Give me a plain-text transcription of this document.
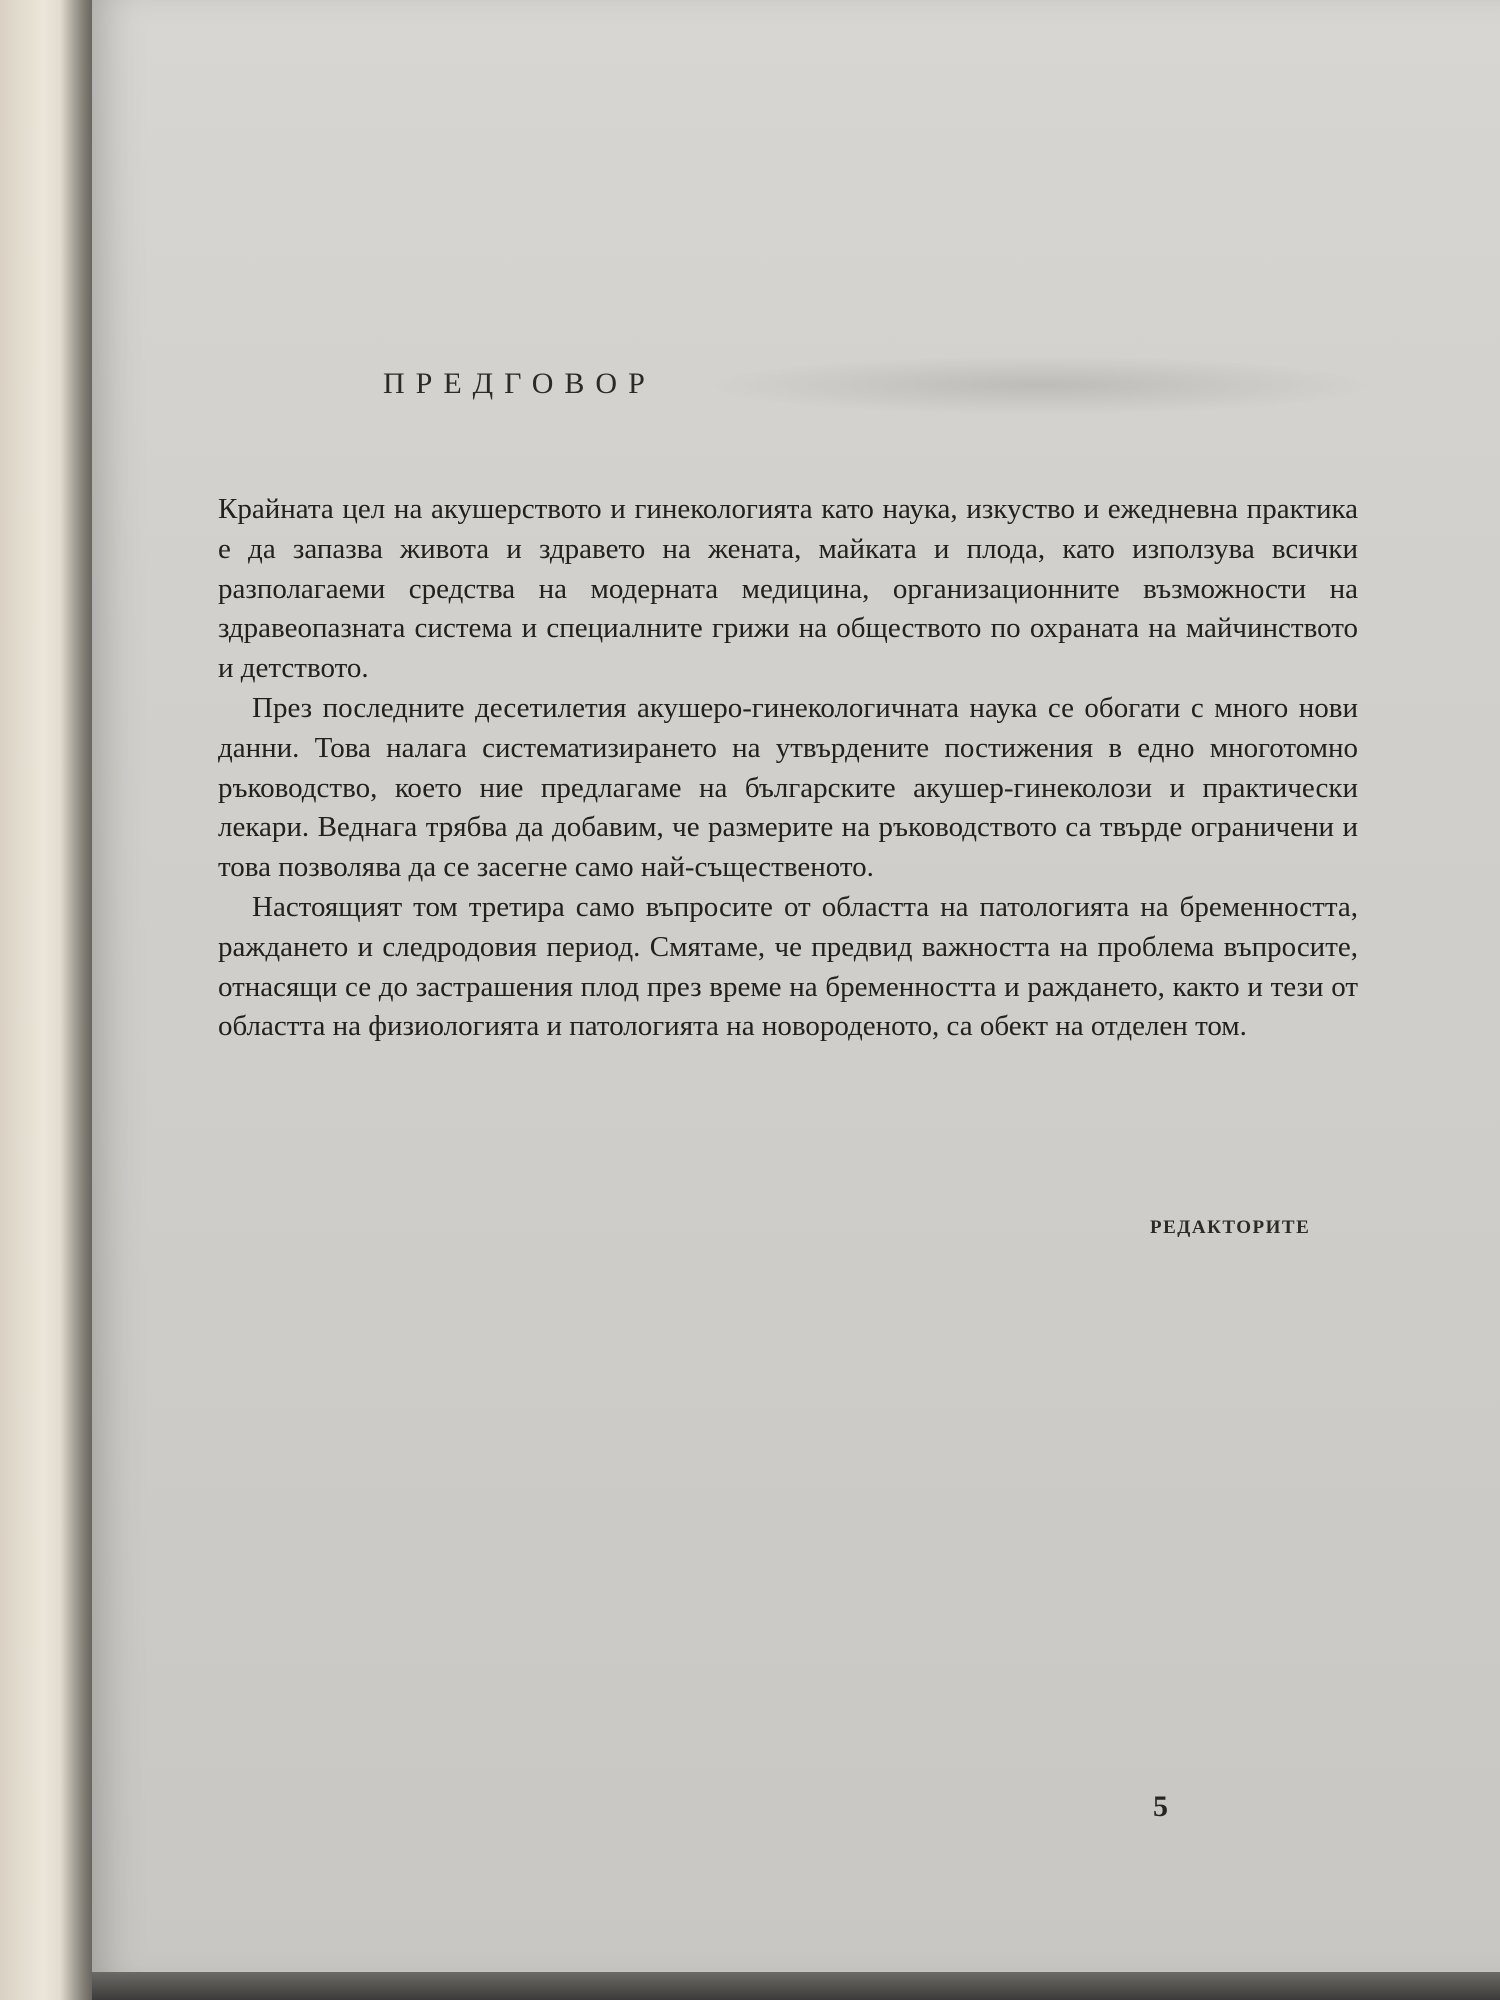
ПРЕДГОВОР

Крайната цел на акушерството и гинекологията като наука, изкуство и ежедневна практика е да запазва живота и здравето на жената, майката и плода, като използува всички разполагаеми средства на модерната медицина, организационните възможности на здравеопазната система и специалните грижи на обществото по охраната на майчинството и детството.

През последните десетилетия акушеро-гинекологичната наука се обогати с много нови данни. Това налага систематизирането на утвърдените постижения в едно многотомно ръководство, което ние предлагаме на българските акушер-гинеколози и практически лекари. Веднага трябва да добавим, че размерите на ръководството са твърде ограничени и това позволява да се засегне само най-същественото.

Настоящият том третира само въпросите от областта на патологията на бременността, раждането и следродовия период. Смятаме, че предвид важността на проблема въпросите, отнасящи се до застрашения плод през време на бременността и раждането, както и тези от областта на физиологията и патологията на новороденото, са обект на отделен том.

РЕДАКТОРИТЕ
5
